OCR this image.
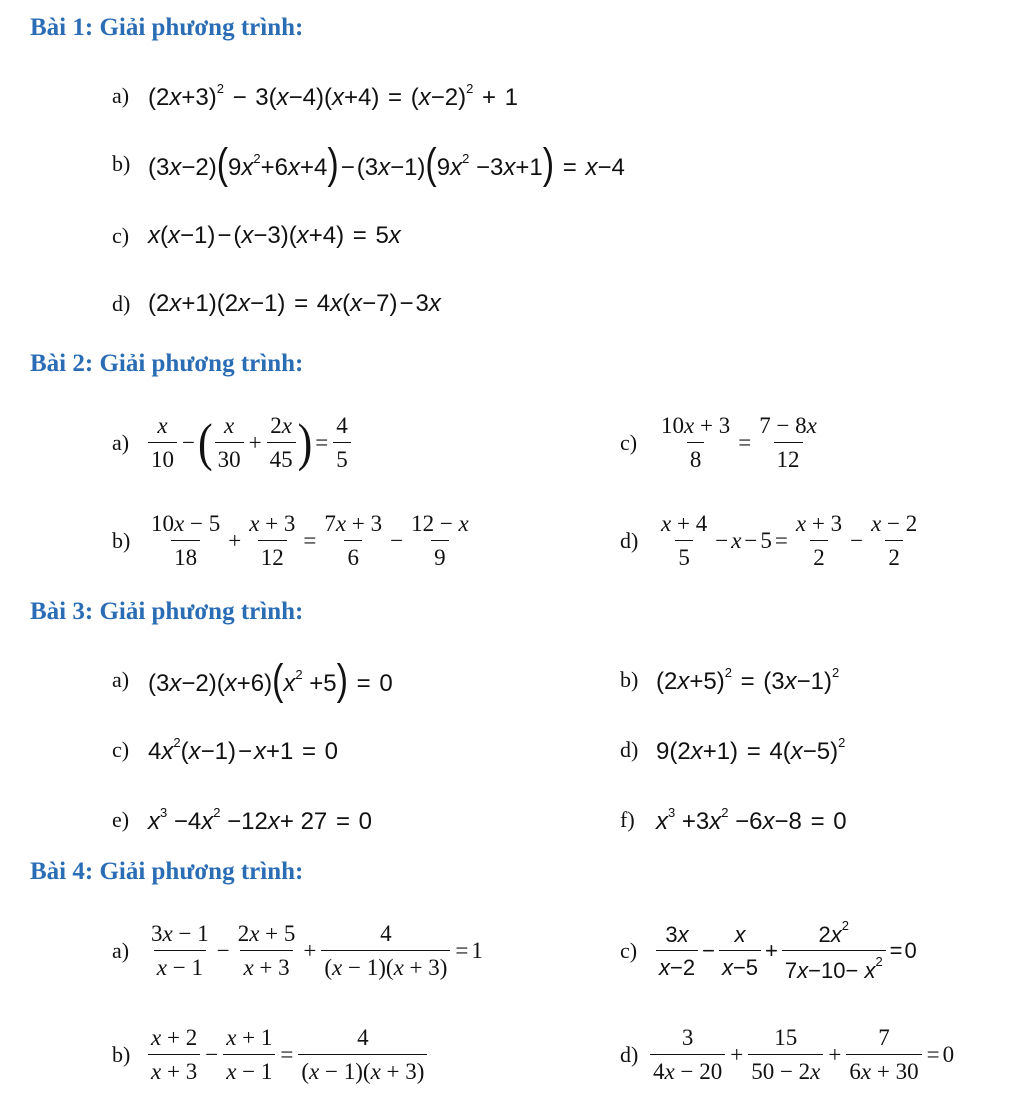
Bài 1: Giải phương trình:
a) $(2x+3)^2 - 3(x-4)(x+4) = (x-2)^2 + 1$
b) $(3x-2)(9x^2+6x+4)-(3x-1)(9x^2 -3x+1) = x-4$
c) x(x−1)−(x−3)(x+4) = 5x
d) (2x+1)(2x−1) = 4x(x−7)−3x
Bài 2: Giải phương trình:
$a) \frac{x}{10}$ − ( $\frac{x}{30} + \frac{2x}{45}$ ) = $\frac{4}{5}$	$c) \frac{10x + 3}{8} = \frac{7 - 8x}{12}$
$b) \frac{10x - 5}{18} + \frac{x + 3}{12} = \frac{7x + 3}{6} - \frac{12 - x}{9}$	$d) \frac{x + 4}{5} - x - 5 = \frac{x + 3}{2} - \frac{x - 2}{2}$
Bài 3: Giải phương trình:
a) $(3x-2)(x+6)(x^2 +5) = 0$	b) $(2x+5)^2 = (3x-1)^2$
c) $4x^2(x-1)-x+1 = 0$	d) $9(2x+1) = 4(x-5)^2$
e) $x^3 -4x^2 -12x+ 27 = 0$	f) $x^3 +3x^2 -6x-8 = 0$
Bài 4: Giải phương trình:
$a) \frac{3x - 1}{x - 1} - \frac{2x + 5}{x + 3} + \frac{4}{(x - 1)(x + 3)} = 1$	$c) \frac{3x}{x-2} - \frac{x}{x-5} + \frac{2x^2}{7x-10- x^2} = 0$
$b) \frac{x + 2}{x + 3} - \frac{x + 1}{x - 1} = \frac{4}{(x - 1)(x + 3)}$	$d) \frac{3}{4x - 20} + \frac{15}{50 - 2x} + \frac{7}{6x + 30} = 0$
